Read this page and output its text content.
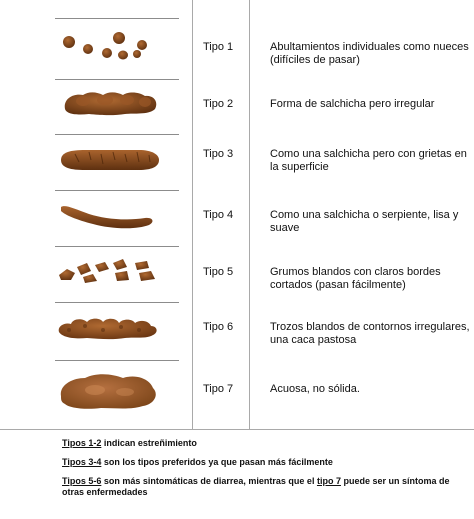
Tipo 1	Abultamientos individuales como nueces (difíciles de pasar)
Tipo 2	Forma de salchicha pero irregular
Tipo 3	Como una salchicha pero con grietas en la superficie
Tipo 4	Como una salchicha o serpiente, lisa y suave
Tipo 5	Grumos blandos con claros bordes cortados (pasan fácilmente)
Tipo 6	Trozos blandos de contornos irregulares, una caca pastosa
Tipo 7	Acuosa, no sólida.

Tipos 1-2 indican estreñimiento

Tipos 3-4 son los tipos preferidos ya que pasan más fácilmente

Tipos 5-6 son más sintomáticas de diarrea, mientras que el tipo 7 puede ser un síntoma de otras enfermedades
